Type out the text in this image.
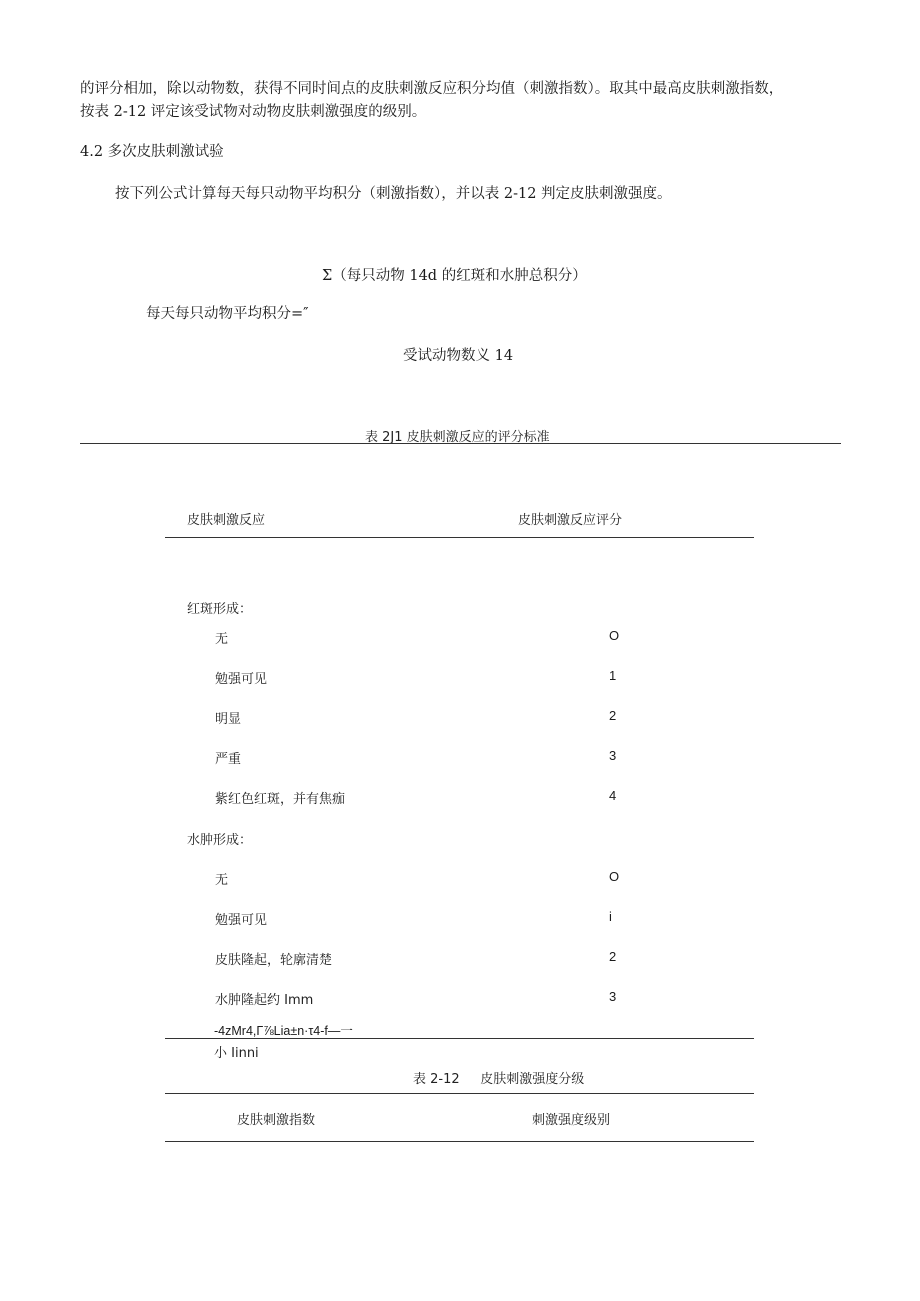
的评分相加，除以动物数，获得不同时间点的皮肤刺激反应积分均值（刺激指数）。取其中最高皮肤刺激指数，
按表 2-12 评定该受试物对动物皮肤刺激强度的级别。
4.2 多次皮肤刺激试验
按下列公式计算每天每只动物平均积分（刺激指数），并以表 2-12 判定皮肤刺激强度。
Σ（每只动物 14d 的红斑和水肿总积分）
每天每只动物平均积分=″
受试动物数义 14
表 2J1 皮肤刺激反应的评分标准
皮肤刺激反应	皮肤刺激反应评分
红斑形成：
无	O
勉强可见	1
明显	2
严重	3
紫红色红斑，并有焦痂	4
水肿形成：
无	O
勉强可见	i
皮肤隆起，轮廓清楚	2
水肿隆起约 Imm	3
-4zMr4,Γ⅞Lia±n·τ4-f—一
小 Iinni
表 2-12     皮肤刺激强度分级
皮肤刺激指数	刺激强度级别
